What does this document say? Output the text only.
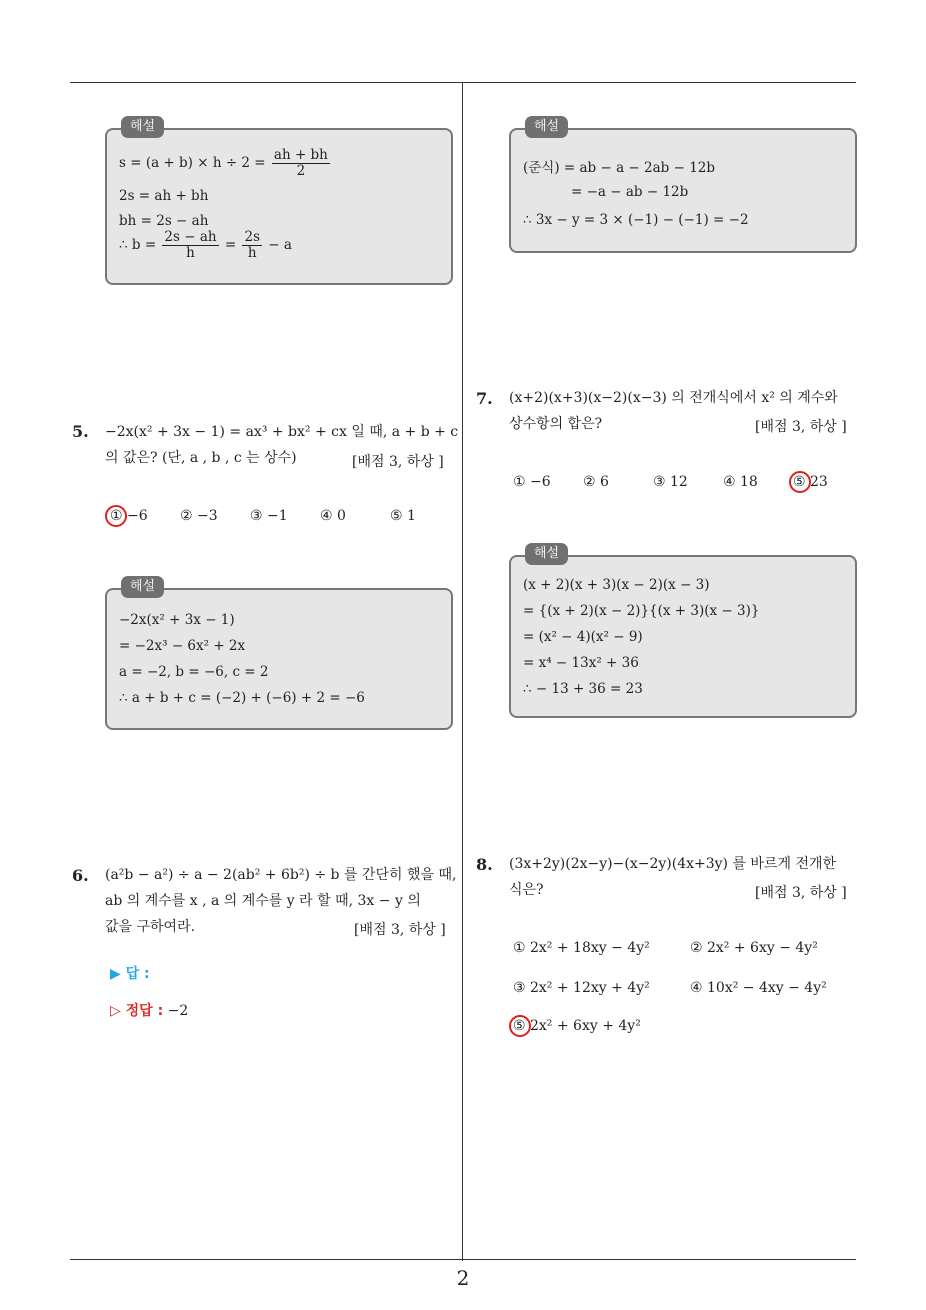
2
해설
$s = (a + b) \times h \div 2 = \frac{ah + bh}{2}$
2s = ah + bh
bh = 2s − ah
∴ $b = \frac{2s - ah}{h} = \frac{2s}{h} - a$
해설
(준식) = ab − a − 2ab − 12b
= −a − ab − 12b
∴ 3x − y = 3 × (−1) − (−1) = −2
5. −2x(x² + 3x − 1) = ax³ + bx² + cx 일 때, a + b + c
의 값은? (단, a , b , c 는 상수)	[배점 3, 하상 ]
① −6 ② −3 ③ −1 ④ 0	⑤ 1
해설
−2x(x² + 3x − 1)
= −2x³ − 6x² + 2x
a = −2, b = −6, c = 2
∴ a + b + c = (−2) + (−6) + 2 = −6
6. (a²b − a²) ÷ a − 2(ab² + 6b²) ÷ b 를 간단히 했을 때,
ab 의 계수를 x , a 의 계수를 y 라 할 때, 3x − y 의
값을 구하여라.	[배점 3, 하상 ]
▶ 답 :
▷ 정답 : −2
7. (x+2)(x+3)(x−2)(x−3) 의 전개식에서 x² 의 계수와
상수항의 합은?	[배점 3, 하상 ]
① −6 ② 6	③ 12	④ 18	⑤ 23
해설
(x + 2)(x + 3)(x − 2)(x − 3)
= {(x + 2)(x − 2)}{(x + 3)(x − 3)}
= (x² − 4)(x² − 9)
= x⁴ − 13x² + 36
∴ − 13 + 36 = 23
8. (3x+2y)(2x−y)−(x−2y)(4x+3y) 를 바르게 전개한
식은?	[배점 3, 하상 ]
① 2x² + 18xy − 4y²	② 2x² + 6xy − 4y²
③ 2x² + 12xy + 4y²	④ 10x² − 4xy − 4y²
⑤ 2x² + 6xy + 4y²
